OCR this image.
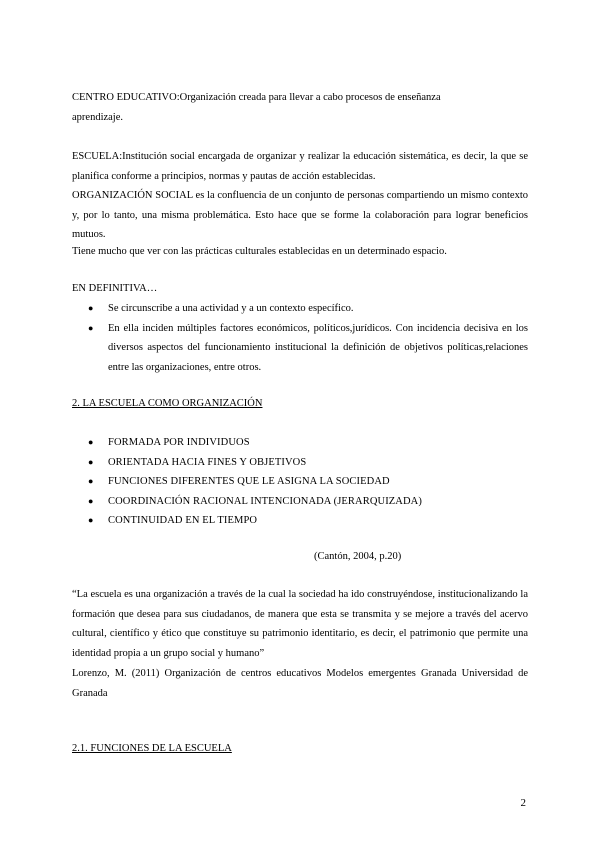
CENTRO EDUCATIVO:Organización creada para llevar a cabo procesos de enseñanza
aprendizaje.
ESCUELA:Institución social encargada de organizar y realizar la educación sistemática, es decir, la que se planifica conforme a principios, normas y pautas de acción establecidas.
ORGANIZACIÓN SOCIAL es la confluencia de un conjunto de personas compartiendo un mismo contexto y, por lo tanto, una misma problemática. Esto hace que se forme la colaboración para lograr beneficios mutuos.
Tiene mucho que ver con las prácticas culturales establecidas en un determinado espacio.
EN DEFINITIVA…
● Se circunscribe a una actividad y a un contexto específico.
● En ella inciden múltiples factores económicos, políticos,jurídicos. Con incidencia decisiva en los diversos aspectos del funcionamiento institucional la definición de objetivos políticas,relaciones entre las organizaciones, entre otros.
2. LA ESCUELA COMO ORGANIZACIÓN
● FORMADA POR INDIVIDUOS
● ORIENTADA HACIA FINES Y OBJETIVOS
● FUNCIONES DIFERENTES QUE LE ASIGNA LA SOCIEDAD
● COORDINACIÓN RACIONAL INTENCIONADA (JERARQUIZADA)
● CONTINUIDAD EN EL TIEMPO
(Cantón, 2004, p.20)
“La escuela es una organización a través de la cual la sociedad ha ido construyéndose, institucionalizando la formación que desea para sus ciudadanos, de manera que esta se transmita y se mejore a través del acervo cultural, científico y ético que constituye su patrimonio identitario, es decir, el patrimonio que permite una identidad propia a un grupo social y humano”
Lorenzo, M. (2011) Organización de centros educativos Modelos emergentes Granada Universidad de Granada
2.1. FUNCIONES DE LA ESCUELA
2
